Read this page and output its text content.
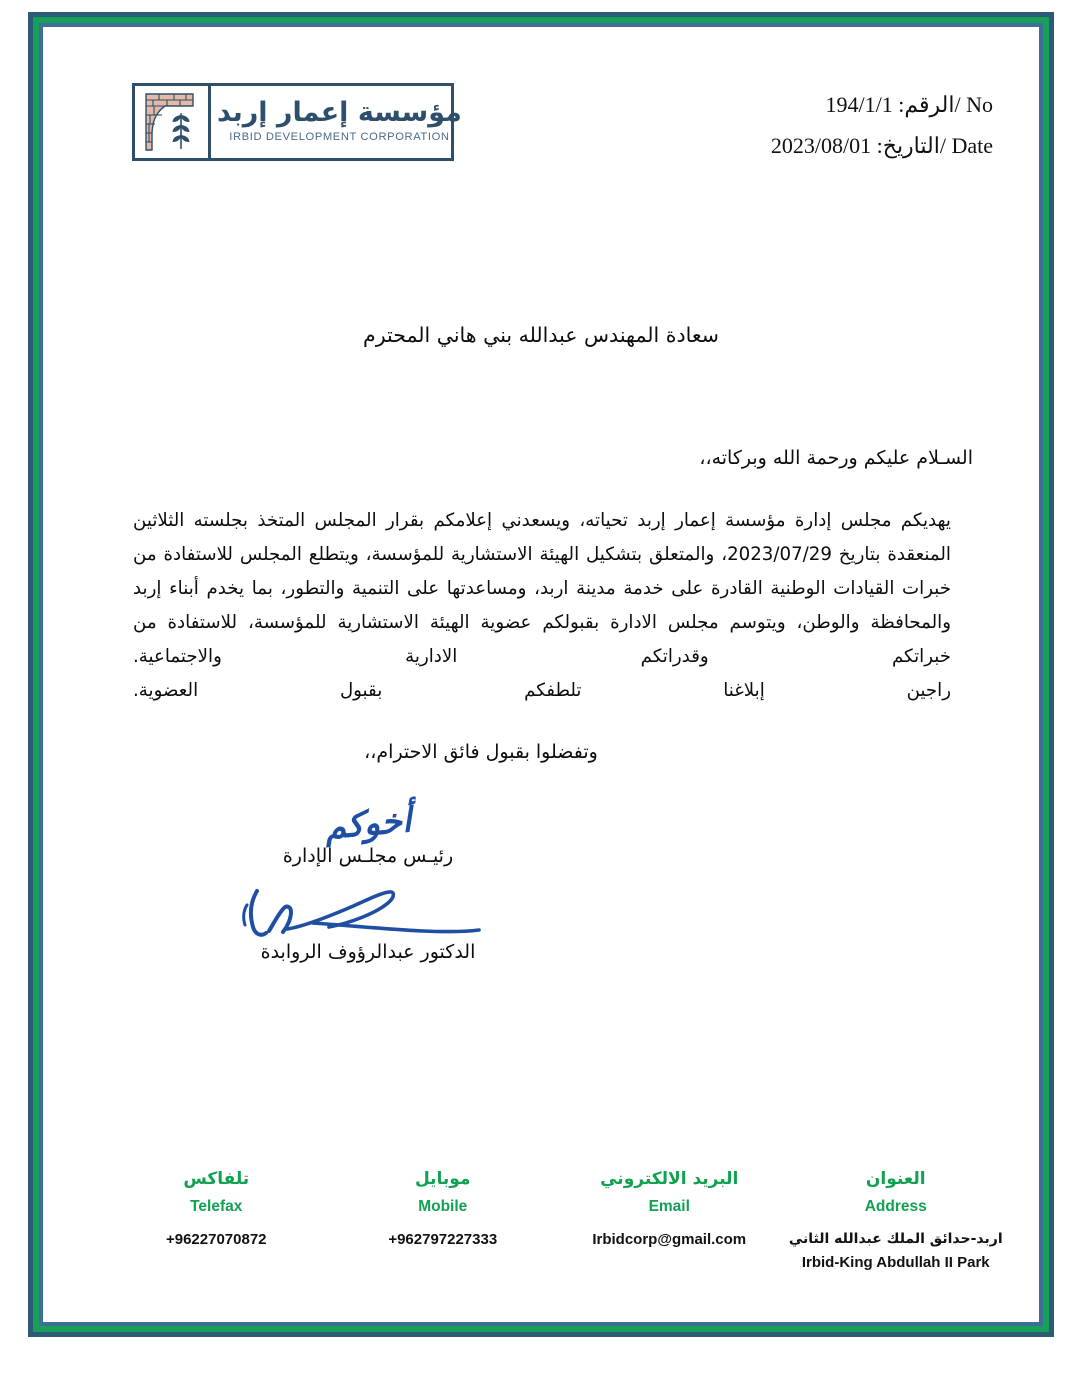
مؤسسة إعمار إربد
IRBID DEVELOPMENT CORPORATION
No /الرقم: 194/1/1
Date /التاريخ: 2023/08/01
سعادة المهندس عبدالله بني هاني المحترم
السـلام عليكم ورحمة الله وبركاته،،
يهديكم مجلس إدارة مؤسسة إعمار إربد تحياته، ويسعدني إعلامكم بقرار المجلس المتخذ بجلسته الثلاثين المنعقدة بتاريخ 2023/07/29، والمتعلق بتشكيل الهيئة الاستشارية للمؤسسة، ويتطلع المجلس للاستفادة من خبرات القيادات الوطنية القادرة على خدمة مدينة اربد، ومساعدتها على التنمية والتطور، بما يخدم أبناء إربد والمحافظة والوطن، ويتوسم مجلس الادارة بقبولكم عضوية الهيئة الاستشارية للمؤسسة، للاستفادة من خبراتكم وقدراتكم الادارية والاجتماعية.
راجين إبلاغنا تلطفكم بقبول العضوية.
وتفضلوا بقبول فائق الاحترام،،
أخوكم
رئيـس مجلـس الإدارة
الدكتور عبدالرؤوف الروابدة
تلفاكس
Telefax
+96227070872
موبايل
Mobile
+962797227333
البريد الالكتروني
Email
Irbidcorp@gmail.com
العنوان
Address
اربد-حدائق الملك عبدالله الثاني
Irbid-King Abdullah II Park
